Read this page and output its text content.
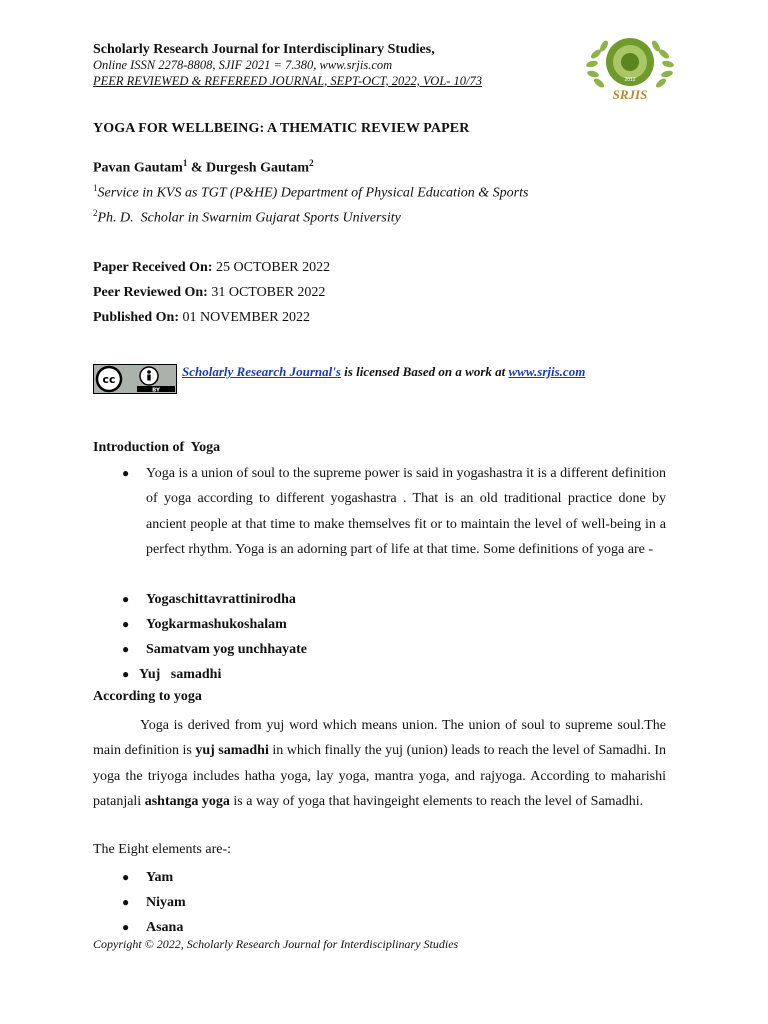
Scholarly Research Journal for Interdisciplinary Studies,
Online ISSN 2278-8808, SJIF 2021 = 7.380, www.srjis.com
PEER REVIEWED & REFEREED JOURNAL, SEPT-OCT, 2022, VOL- 10/73	2012
SRJIS
YOGA FOR WELLBEING: A THEMATIC REVIEW PAPER
Pavan Gautam$^1$ & Durgesh Gautam$^2$
$^1$Service in KVS as TGT (P&HE) Department of Physical Education & Sports
$^2$Ph. D.  Scholar in Swarnim Gujarat Sports University
Paper Received On: 25 OCTOBER 2022
Peer Reviewed On: 31 OCTOBER 2022
Published On: 01 NOVEMBER 2022
cc
BY
Scholarly Research Journal's is licensed Based on a work at www.srjis.com
Introduction of  Yoga
● Yoga is a union of soul to the supreme power is said in yogashastra it is a different definition of yoga according to different yogashastra . That is an old traditional practice done by ancient people at that time to make themselves fit or to maintain the level of well-being in a perfect rhythm. Yoga is an adorning part of life at that time. Some definitions of yoga are -
● Yogaschittavrattinirodha
● Yogkarmashukoshalam
● Samatvam yog unchhayate
● Yuj   samadhi
According to yoga
Yoga is derived from yuj word which means union. The union of soul to supreme soul.The main definition is yuj samadhi in which finally the yuj (union) leads to reach the level of Samadhi. In yoga the triyoga includes hatha yoga, lay yoga, mantra yoga, and rajyoga. According to maharishi patanjali ashtanga yoga is a way of yoga that havingeight elements to reach the level of Samadhi.
The Eight elements are-:
● Yam
● Niyam
● Asana
Copyright © 2022, Scholarly Research Journal for Interdisciplinary Studies
